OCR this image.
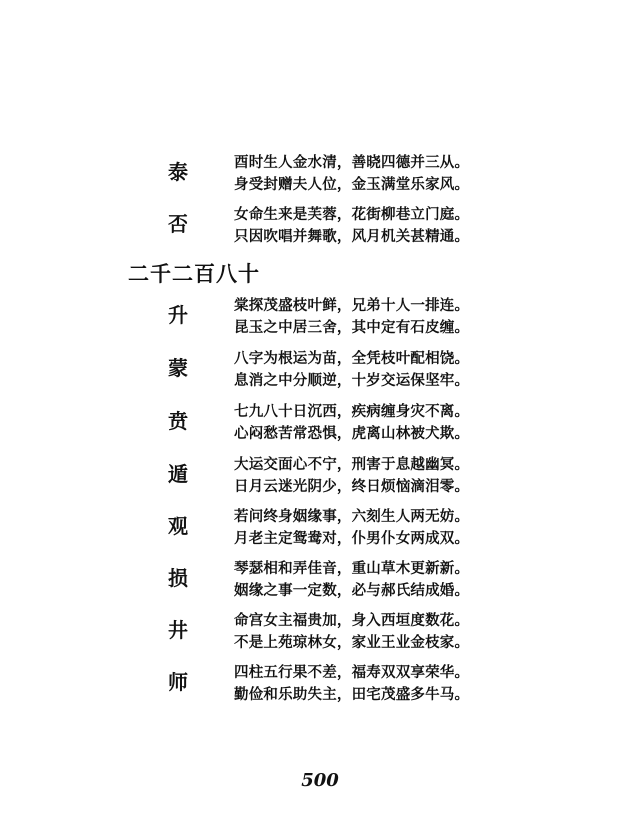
泰	酉时生人金水清，善晓四德并三从。
身受封赠夫人位，金玉满堂乐家风。
否	女命生来是芙蓉，花街柳巷立门庭。
只因吹唱并舞歌，风月机关甚精通。
二千二百八十
升	棠探茂盛枝叶鲜，兄弟十人一排连。
昆玉之中居三舍，其中定有石皮缠。
蒙	八字为根运为苗，全凭枝叶配相饶。
息消之中分顺逆，十岁交运保坚牢。
贲	七九八十日沉西，疾病缠身灾不离。
心闷愁苦常恐惧，虎离山林被犬欺。
遁	大运交面心不宁，刑害于息越幽冥。
日月云迷光阴少，终日烦恼滴泪零。
观	若问终身姻缘事，六刻生人两无妨。
月老主定鸳鸯对，仆男仆女两成双。
损	琴瑟相和弄佳音，重山草木更新新。
姻缘之事一定数，必与郝氏结成婚。
井	命宫女主福贵加，身入西垣度数花。
不是上苑琼林女，家业王业金枝家。
师	四柱五行果不差，福寿双双享荣华。
勤俭和乐助失主，田宅茂盛多牛马。
500
